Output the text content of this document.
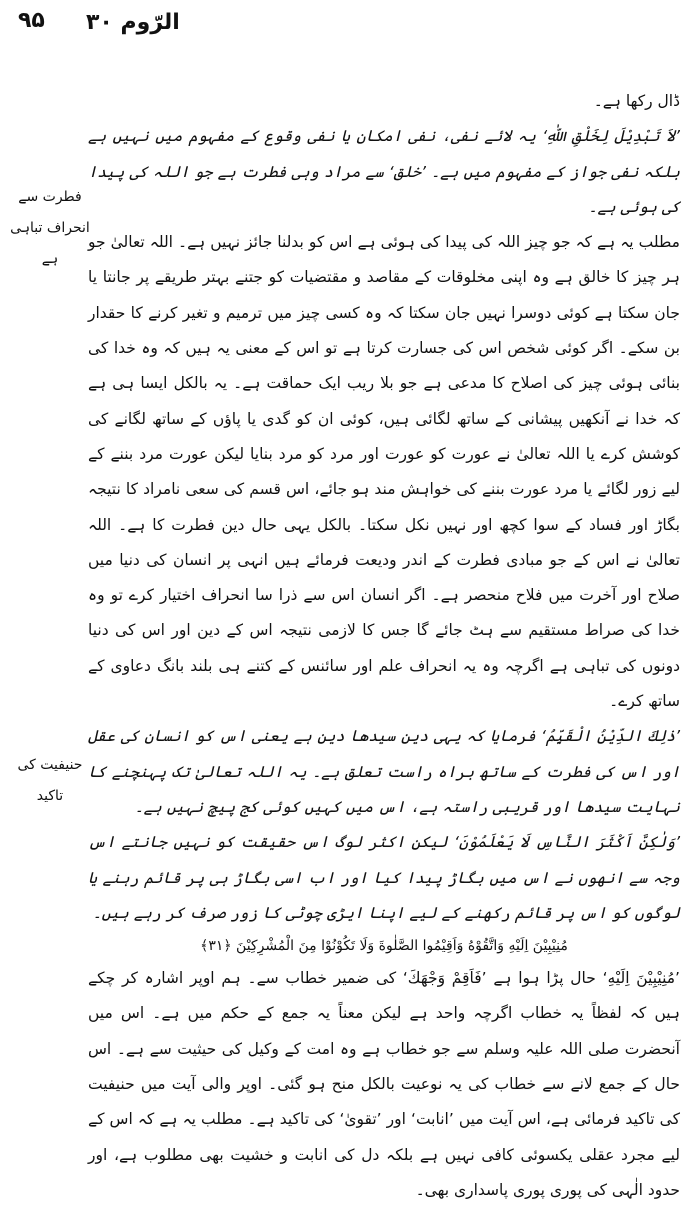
الرّوم ۳۰
۹۵

ڈال رکھا ہے۔

’لاَ تَبْدِيْلَ لِخَلْقِ اللّٰهِ‘ یہ لائے نفی، نفی امکان یا نفی وقوع کے مفہوم میں نہیں ہے بلکہ نفی جواز کے مفہوم میں ہے۔ ’خلق‘ سے مراد وہی فطرت ہے جو اللہ کی پیدا کی ہوئی ہے۔

مطلب یہ ہے کہ جو چیز اللہ کی پیدا کی ہوئی ہے اس کو بدلنا جائز نہیں ہے۔ اللہ تعالیٰ جو ہر چیز کا خالق ہے وہ اپنی مخلوقات کے مقاصد و مقتضیات کو جتنے بہتر طریقے پر جانتا یا جان سکتا ہے کوئی دوسرا نہیں جان سکتا کہ وہ کسی چیز میں ترمیم و تغیر کرنے کا حقدار بن سکے۔ اگر کوئی شخص اس کی جسارت کرتا ہے تو اس کے معنی یہ ہیں کہ وہ خدا کی بنائی ہوئی چیز کی اصلاح کا مدعی ہے جو بلا ریب ایک حماقت ہے۔ یہ بالکل ایسا ہی ہے کہ خدا نے آنکھیں پیشانی کے ساتھ لگائی ہیں، کوئی ان کو گدی یا پاؤں کے ساتھ لگانے کی کوشش کرے یا اللہ تعالیٰ نے عورت کو عورت اور مرد کو مرد بنایا لیکن عورت مرد بننے کے لیے زور لگائے یا مرد عورت بننے کی خواہش مند ہو جائے، اس قسم کی سعی نامراد کا نتیجہ بگاڑ اور فساد کے سوا کچھ اور نہیں نکل سکتا۔ بالکل یہی حال دین فطرت کا ہے۔ اللہ تعالیٰ نے اس کے جو مبادی فطرت کے اندر ودیعت فرمائے ہیں انہی پر انسان کی دنیا میں صلاح اور آخرت میں فلاح منحصر ہے۔ اگر انسان اس سے ذرا سا انحراف اختیار کرے تو وہ خدا کی صراط مستقیم سے ہٹ جائے گا جس کا لازمی نتیجہ اس کے دین اور اس کی دنیا دونوں کی تباہی ہے اگرچہ وہ یہ انحراف علم اور سائنس کے کتنے ہی بلند بانگ دعاوی کے ساتھ کرے۔

’ذٰلِكَ الدِّيْنُ الْقَيِّمُ‘ فرمایا کہ یہی دین سیدھا دین ہے یعنی اس کو انسان کی عقل اور اس کی فطرت کے ساتھ براہ راست تعلق ہے۔ یہ اللہ تعالیٰ تک پہنچنے کا نہایت سیدھا اور قریبی راستہ ہے، اس میں کہیں کوئی کج پیچ نہیں ہے۔

’وَلٰكِنَّ اَكْثَرَ النَّاسِ لَا يَعْلَمُوْنَ‘ لیکن اکثر لوگ اس حقیقت کو نہیں جانتے اس وجہ سے انھوں نے اس میں بگاڑ پیدا کیا اور اب اسی بگاڑ ہی پر قائم رہنے یا لوگوں کو اس پر قائم رکھنے کے لیے اپنا ایڑی چوٹی کا زور صرف کر رہے ہیں۔

مُنِيْبِيْنَ اِلَيْهِ وَاتَّقُوْهُ وَاَقِيْمُوا الصَّلٰوةَ وَلَا تَكُوْنُوْا مِنَ الْمُشْرِكِيْنَ ﴿۳۱﴾

’مُنِيْبِيْنَ اِلَيْهِ‘ حال پڑا ہوا ہے ’فَاَقِمْ وَجْهَكَ‘ کی ضمیر خطاب سے۔ ہم اوپر اشارہ کر چکے ہیں کہ لفظاً یہ خطاب اگرچہ واحد ہے لیکن معناً یہ جمع کے حکم میں ہے۔ اس میں آنحضرت صلی اللہ علیہ وسلم سے جو خطاب ہے وہ امت کے وکیل کی حیثیت سے ہے۔ اس حال کے جمع لانے سے خطاب کی یہ نوعیت بالکل منح ہو گئی۔ اوپر والی آیت میں حنیفیت کی تاکید فرمائی ہے، اس آیت میں ’انابت‘ اور ’تقویٰ‘ کی تاکید ہے۔ مطلب یہ ہے کہ اس کے لیے مجرد عقلی یکسوئی کافی نہیں ہے بلکہ دل کی انابت و خشیت بھی مطلوب ہے، اور حدود الٰہی کی پوری پوری پاسداری بھی۔

فطرت سے انحراف تباہی ہے
حنیفیت کی تاکید
